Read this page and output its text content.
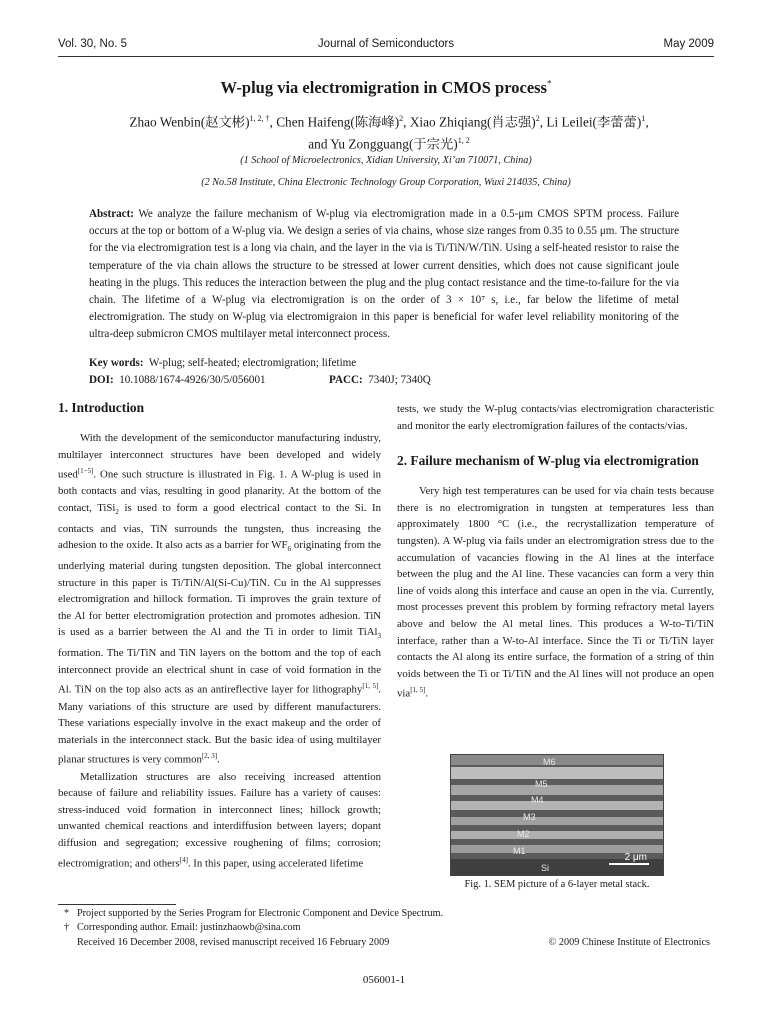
Vol. 30, No. 5	Journal of Semiconductors	May 2009
W-plug via electromigration in CMOS process*
Zhao Wenbin(赵文彬)$^{1, 2, \dagger}$, Chen Haifeng(陈海峰)$^2$, Xiao Zhiqiang(肖志强)$^2$, Li Leilei(李蕾蕾)$^1$,
and Yu Zongguang(于宗光)$^{1, 2}$
(1 School of Microelectronics, Xidian University, Xi’an 710071, China)
(2 No.58 Institute, China Electronic Technology Group Corporation, Wuxi 214035, China)
Abstract: We analyze the failure mechanism of W-plug via electromigration made in a 0.5-μm CMOS SPTM process. Failure occurs at the top or bottom of a W-plug via. We design a series of via chains, whose size ranges from 0.35 to 0.55 μm. The structure for the via electromigration test is a long via chain, and the layer in the via is Ti/TiN/W/TiN. Using a self-heated resistor to raise the temperature of the via chain allows the structure to be stressed at lower current densities, which does not cause significant joule heating in the plugs. This reduces the interaction between the plug and the plug contact resistance and the time-to-failure for the via chain. The lifetime of a W-plug via electromigration is on the order of 3 × 10⁷ s, i.e., far below the lifetime of metal electromigration. The study on W-plug via electromigraion in this paper is beneficial for wafer level reliability monitoring of the ultra-deep submicron CMOS multilayer metal interconnect process.
Key words: W-plug; self-heated; electromigration; lifetime
DOI: 10.1088/1674-4926/30/5/056001	PACC: 7340J; 7340Q

1. Introduction

With the development of the semiconductor manufacturing industry, multilayer interconnect structures have been developed and widely used[1−5]. One such structure is illustrated in Fig. 1. A W-plug is used in both contacts and vias, resulting in good planarity. At the bottom of the contact, TiSi$_2$ is used to form a good electrical contact to the Si. In contacts and vias, TiN surrounds the tungsten, thus increasing the adhesion to the oxide. It also acts as a barrier for $WF_6$ originating from the underlying material during tungsten deposition. The global interconnect structure in this paper is Ti/TiN/Al(Si-Cu)/TiN. Cu in the Al suppresses electromigration and hillock formation. Ti improves the grain texture of the Al for better electromigration protection and promotes adhesion. TiN is used as a barrier between the Al and the Ti in order to limit TiAl$_3$ formation. The Ti/TiN and TiN layers on the bottom and the top of each interconnect provide an electrical shunt in case of void formation in the Al. TiN on the top also acts as an antireflective layer for lithography[1, 5]. Many variations of this structure are used by different manufacturers. These variations especially involve in the exact makeup and the order of materials in the interconnect stack. But the basic idea of using multilayer planar structures is very common[2, 3].

Metallization structures are also receiving increased attention because of failure and reliability issues. Failure has a variety of causes: stress-induced void formation in interconnect lines; hillock growth; unwanted chemical reactions and interdiffusion between layers; dopant diffusion and segregation; excessive roughening of films; corrosion; electromigration; and others[4]. In this paper, using accelerated lifetime

tests, we study the W-plug contacts/vias electromigration characteristic and monitor the early electromigration failures of the contacts/vias.

2. Failure mechanism of W-plug via electromigration

Very high test temperatures can be used for via chain tests because there is no electromigration in tungsten at temperatures less than approximately 1800 °C (i.e., the recrystallization temperature of tungsten). A W-plug via fails under an electromigration stress due to the accumulation of vacancies flowing in the Al lines at the interface between the plug and the Al line. These vacancies can form a very thin line of voids along this interface and cause an open in the via. Currently, most processes prevent this problem by forming refractory metal layers above and below the Al metal lines. This produces a W-to-Ti/TiN interface, rather than a W-to-Al interface. Since the Ti or Ti/TiN layer contacts the Al along its entire surface, the formation of a string of thin voids between the Ti or Ti/TiN and the Al lines will not produce an open via[1, 5].

M6
M5
M4
M3
M2
M1
Si
2 μm
Fig. 1. SEM picture of a 6-layer metal stack.
* Project supported by the Series Program for Electronic Component and Device Spectrum.
† Corresponding author. Email: justinzhaowb@sina.com
Received 16 December 2008, revised manuscript received 16 February 2009	© 2009 Chinese Institute of Electronics
056001-1
